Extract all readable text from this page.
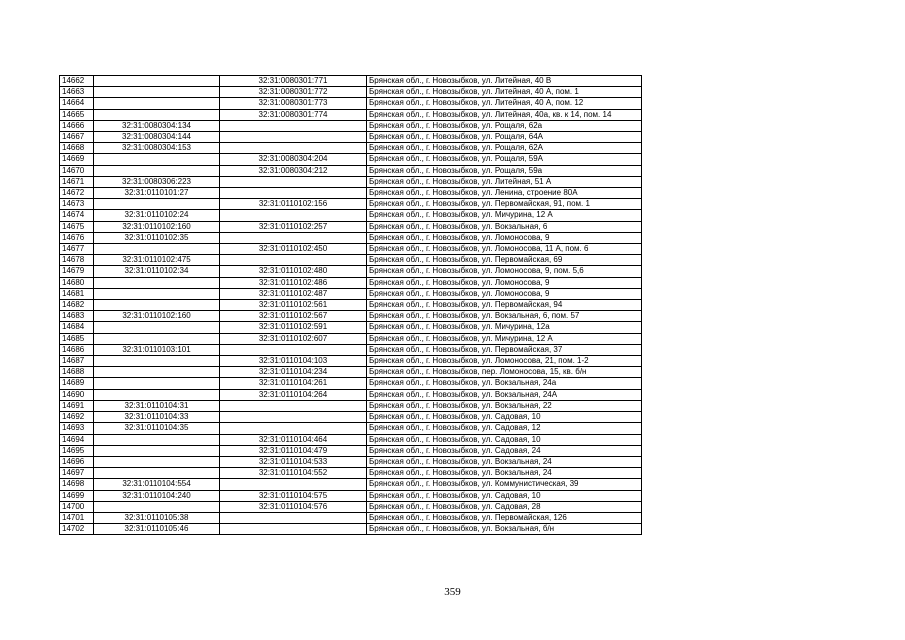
14662		32:31:0080301:771	Брянская обл., г. Новозыбков, ул. Литейная, 40 В
14663		32:31:0080301:772	Брянская обл., г. Новозыбков, ул. Литейная, 40 А, пом. 1
14664		32:31:0080301:773	Брянская обл., г. Новозыбков, ул. Литейная, 40 А, пом. 12
14665		32:31:0080301:774	Брянская обл., г. Новозыбков, ул. Литейная, 40а, кв. к 14, пом. 14
14666	32:31:0080304:134		Брянская обл., г. Новозыбков, ул. Рощаля, 62а
14667	32:31:0080304:144		Брянская обл., г. Новозыбков, ул. Рощаля, 64А
14668	32:31:0080304:153		Брянская обл., г. Новозыбков, ул. Рощаля, 62А
14669		32:31:0080304:204	Брянская обл., г. Новозыбков, ул. Рощаля, 59А
14670		32:31:0080304:212	Брянская обл., г. Новозыбков, ул. Рощаля, 59а
14671	32:31:0080306:223		Брянская обл., г. Новозыбков, ул. Литейная, 51 А
14672	32:31:0110101:27		Брянская обл., г. Новозыбков, ул. Ленина, строение 80А
14673		32:31:0110102:156	Брянская обл., г. Новозыбков, ул. Первомайская, 91, пом. 1
14674	32:31:0110102:24		Брянская обл., г. Новозыбков, ул. Мичурина, 12 А
14675	32:31:0110102:160	32:31:0110102:257	Брянская обл., г. Новозыбков, ул. Вокзальная, 6
14676	32:31:0110102:35		Брянская обл., г. Новозыбков, ул. Ломоносова, 9
14677		32:31:0110102:450	Брянская обл., г. Новозыбков, ул. Ломоносова, 11 А, пом. 6
14678	32:31:0110102:475		Брянская обл., г. Новозыбков, ул. Первомайская, 69
14679	32:31:0110102:34	32:31:0110102:480	Брянская обл., г. Новозыбков, ул. Ломоносова, 9, пом. 5,6
14680		32:31:0110102:486	Брянская обл., г. Новозыбков, ул. Ломоносова, 9
14681		32:31:0110102:487	Брянская обл., г. Новозыбков, ул. Ломоносова, 9
14682		32:31:0110102:561	Брянская обл., г. Новозыбков, ул. Первомайская, 94
14683	32:31:0110102:160	32:31:0110102:567	Брянская обл., г. Новозыбков, ул. Вокзальная, 6, пом. 57
14684		32:31:0110102:591	Брянская обл., г. Новозыбков, ул. Мичурина, 12а
14685		32:31:0110102:607	Брянская обл., г. Новозыбков, ул. Мичурина, 12 А
14686	32:31:0110103:101		Брянская обл., г. Новозыбков, ул. Первомайская, 37
14687		32:31:0110104:103	Брянская обл., г. Новозыбков, ул. Ломоносова, 21, пом. 1-2
14688		32:31:0110104:234	Брянская обл., г. Новозыбков, пер. Ломоносова, 15, кв. б/н
14689		32:31:0110104:261	Брянская обл., г. Новозыбков, ул. Вокзальная, 24а
14690		32:31:0110104:264	Брянская обл., г. Новозыбков, ул. Вокзальная, 24А
14691	32:31:0110104:31		Брянская обл., г. Новозыбков, ул. Вокзальная, 22
14692	32:31:0110104:33		Брянская обл., г. Новозыбков, ул. Садовая, 10
14693	32:31:0110104:35		Брянская обл., г. Новозыбков, ул. Садовая, 12
14694		32:31:0110104:464	Брянская обл., г. Новозыбков, ул. Садовая, 10
14695		32:31:0110104:479	Брянская обл., г. Новозыбков, ул. Садовая, 24
14696		32:31:0110104:533	Брянская обл., г. Новозыбков, ул. Вокзальная, 24
14697		32:31:0110104:552	Брянская обл., г. Новозыбков, ул. Вокзальная, 24
14698	32:31:0110104:554		Брянская обл., г. Новозыбков, ул. Коммунистическая, 39
14699	32:31:0110104:240	32:31:0110104:575	Брянская обл., г. Новозыбков, ул. Садовая, 10
14700		32:31:0110104:576	Брянская обл., г. Новозыбков, ул. Садовая, 28
14701	32:31:0110105:38		Брянская обл., г. Новозыбков, ул. Первомайская, 126
14702	32:31:0110105:46		Брянская обл., г. Новозыбков, ул. Вокзальная, б/н
359
